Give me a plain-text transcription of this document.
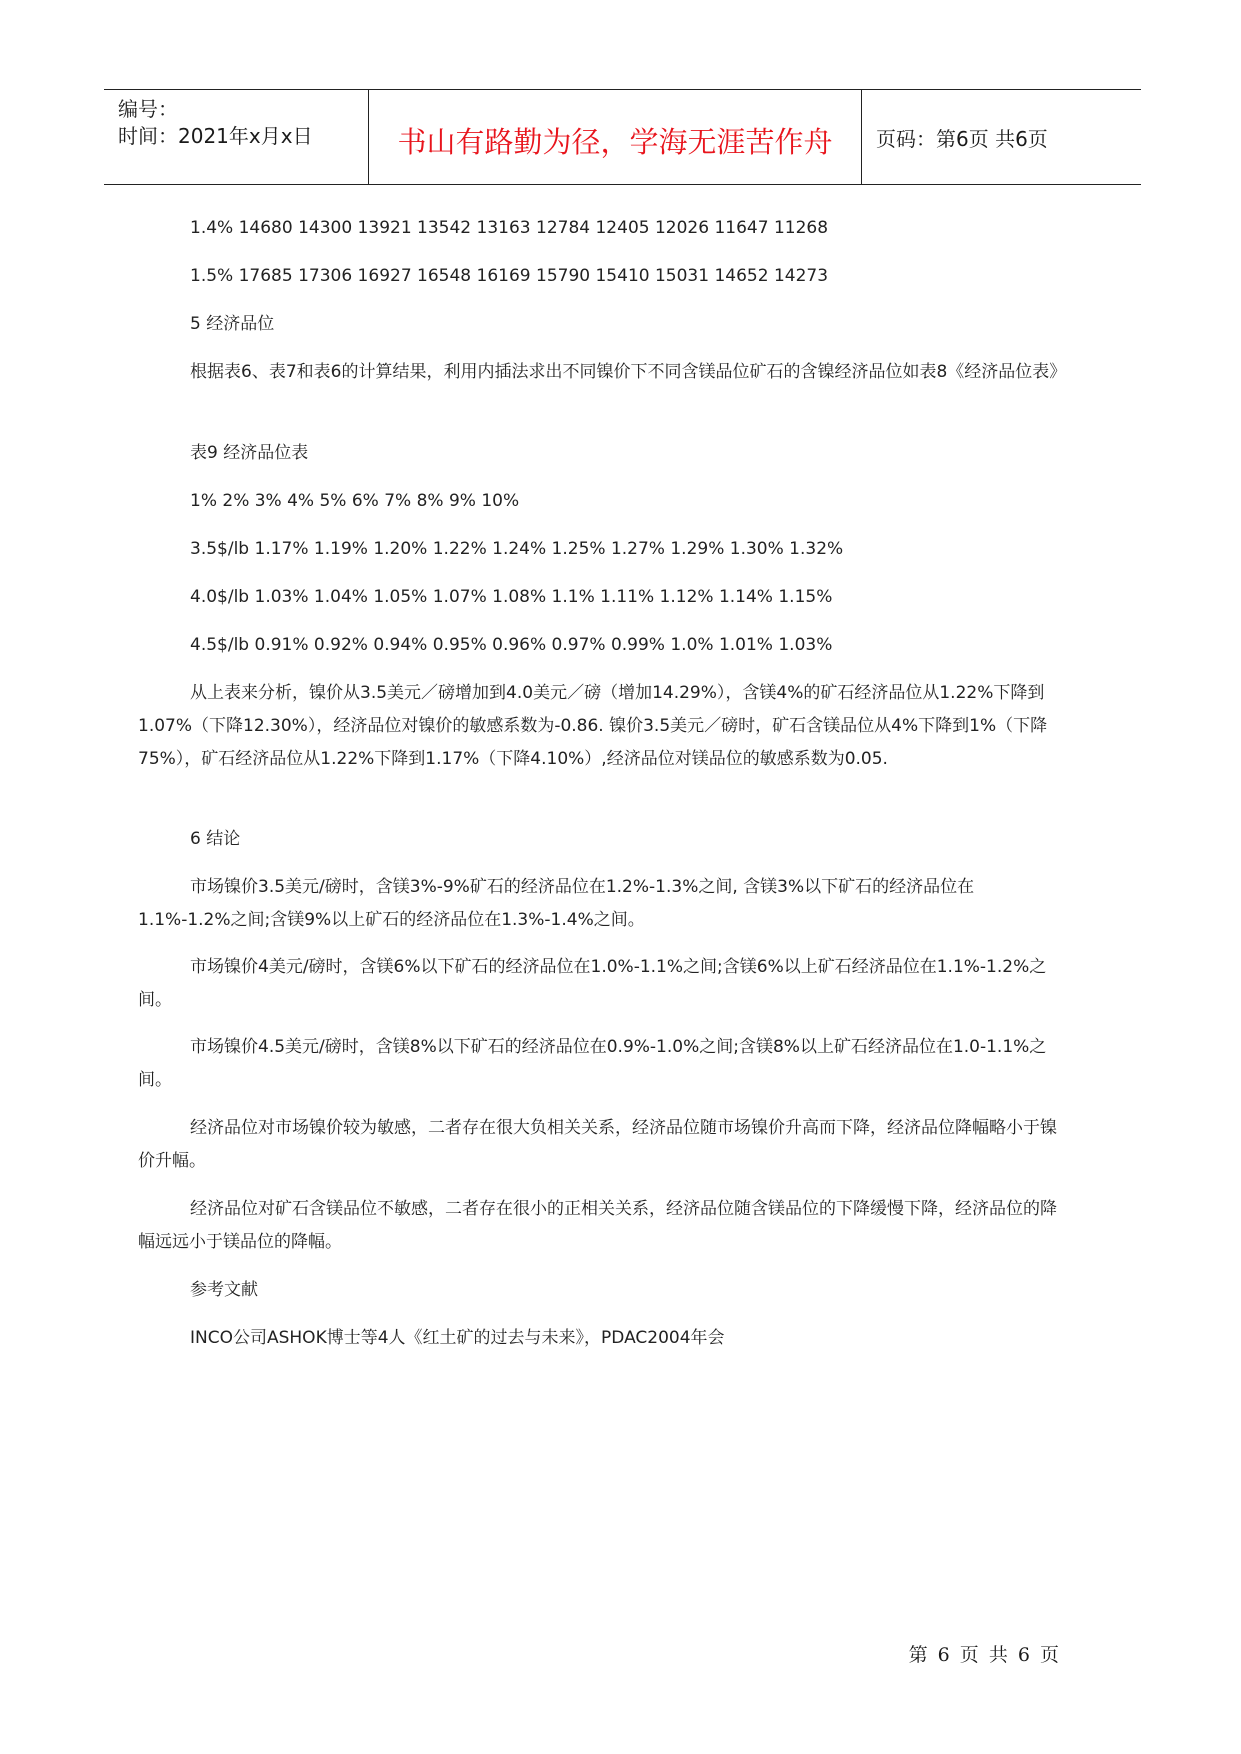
编号：
时间：2021年x月x日	书山有路勤为径，学海无涯苦作舟	页码：第6页 共6页

1.4% 14680 14300 13921 13542 13163 12784 12405 12026 11647 11268

1.5% 17685 17306 16927 16548 16169 15790 15410 15031 14652 14273

5 经济品位

根据表6、表7和表6的计算结果，利用内插法求出不同镍价下不同含镁品位矿石的含镍经济品位如表8《经济品位表》

表9 经济品位表

1% 2% 3% 4% 5% 6% 7% 8% 9% 10%

3.5$/lb 1.17% 1.19% 1.20% 1.22% 1.24% 1.25% 1.27% 1.29% 1.30% 1.32%

4.0$/lb 1.03% 1.04% 1.05% 1.07% 1.08% 1.1% 1.11% 1.12% 1.14% 1.15%

4.5$/lb 0.91% 0.92% 0.94% 0.95% 0.96% 0.97% 0.99% 1.0% 1.01% 1.03%

从上表来分析，镍价从3.5美元／磅增加到4.0美元／磅（增加14.29%），含镁4%的矿石经济品位从1.22%下降到1.07%（下降12.30%），经济品位对镍价的敏感系数为-0.86. 镍价3.5美元／磅时，矿石含镁品位从4%下降到1%（下降75%），矿石经济品位从1.22%下降到1.17%（下降4.10%）,经济品位对镁品位的敏感系数为0.05.

6 结论

市场镍价3.5美元/磅时，含镁3%-9%矿石的经济品位在1.2%-1.3%之间, 含镁3%以下矿石的经济品位在1.1%-1.2%之间;含镁9%以上矿石的经济品位在1.3%-1.4%之间。

市场镍价4美元/磅时，含镁6%以下矿石的经济品位在1.0%-1.1%之间;含镁6%以上矿石经济品位在1.1%-1.2%之间。

市场镍价4.5美元/磅时，含镁8%以下矿石的经济品位在0.9%-1.0%之间;含镁8%以上矿石经济品位在1.0-1.1%之间。

经济品位对市场镍价较为敏感，二者存在很大负相关关系，经济品位随市场镍价升高而下降，经济品位降幅略小于镍价升幅。

经济品位对矿石含镁品位不敏感，二者存在很小的正相关关系，经济品位随含镁品位的下降缓慢下降，经济品位的降幅远远小于镁品位的降幅。

参考文献

INCO公司ASHOK博士等4人《红土矿的过去与未来》，PDAC2004年会

第 6 页 共 6 页
